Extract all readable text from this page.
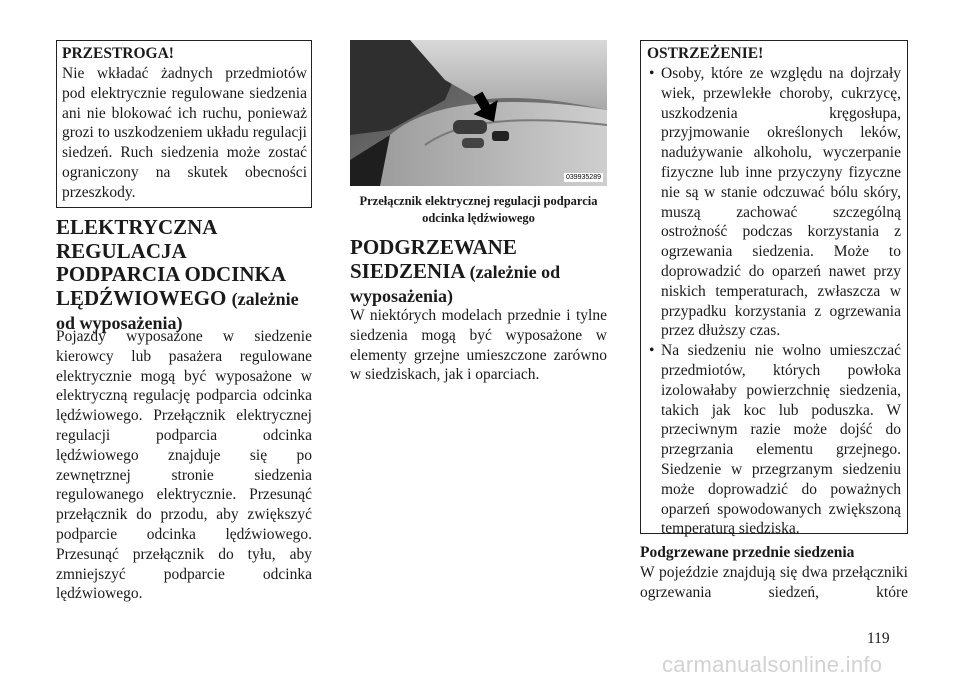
PRZESTROGA!

Nie wkładać żadnych przedmiotów pod elektrycznie regulowane siedzenia ani nie blokować ich ruchu, ponieważ grozi to uszkodzeniem układu regulacji siedzeń. Ruch siedzenia może zostać ograniczony na skutek obecności przeszkody.

ELEKTRYCZNA REGULACJA PODPARCIA ODCINKA LĘDŹWIOWEGO (zależnie od wyposażenia)

Pojazdy wyposażone w siedzenie kierowcy lub pasażera regulowane elektrycznie mogą być wyposażone w elektryczną regulację podparcia odcinka lędźwiowego. Przełącznik elektrycznej regulacji podparcia odcinka lędźwiowego znajduje się po zewnętrznej stronie siedzenia regulowanego elektrycznie. Przesunąć przełącznik do przodu, aby zwiększyć podparcie odcinka lędźwiowego. Przesunąć przełącznik do tyłu, aby zmniejszyć podparcie odcinka lędźwiowego.

039935289

Przełącznik elektrycznej regulacji podparcia odcinka lędźwiowego

PODGRZEWANE SIEDZENIA (zależnie od wyposażenia)

W niektórych modelach przednie i tylne siedzenia mogą być wyposażone w elementy grzejne umieszczone zarówno w siedziskach, jak i oparciach.

OSTRZEŻENIE!
• Osoby, które ze względu na dojrzały wiek, przewlekłe choroby, cukrzycę, uszkodzenia kręgosłupa, przyjmowanie określonych leków, nadużywanie alkoholu, wyczerpanie fizyczne lub inne przyczyny fizyczne nie są w stanie odczuwać bólu skóry, muszą zachować szczególną ostrożność podczas korzystania z ogrzewania siedzenia. Może to doprowadzić do oparzeń nawet przy niskich temperaturach, zwłaszcza w przypadku korzystania z ogrzewania przez dłuższy czas.
• Na siedzeniu nie wolno umieszczać przedmiotów, których powłoka izolowałaby powierzchnię siedzenia, takich jak koc lub poduszka. W przeciwnym razie może dojść do przegrzania elementu grzejnego. Siedzenie w przegrzanym siedzeniu może doprowadzić do poważnych oparzeń spowodowanych zwiększoną temperaturą siedziska.

Podgrzewane przednie siedzenia

W pojeździe znajdują się dwa przełączniki ogrzewania siedzeń, które

119
carmanualsonline.info
